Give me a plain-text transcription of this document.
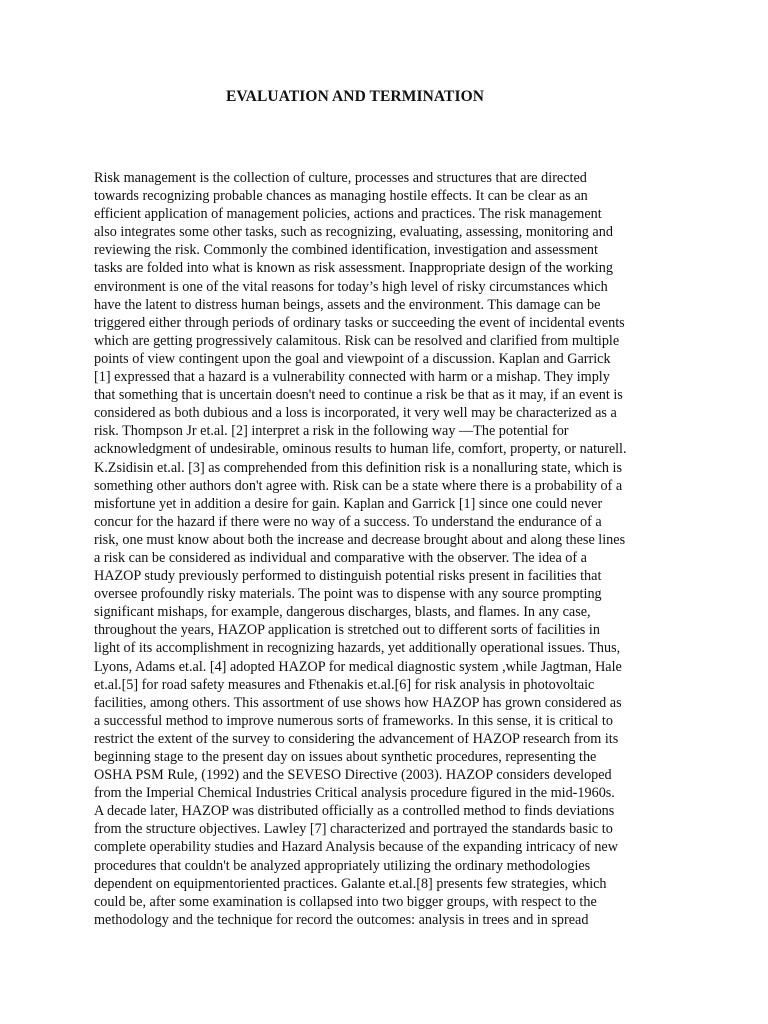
EVALUATION AND TERMINATION

Risk management is the collection of culture, processes and structures that are directed
towards recognizing probable chances as managing hostile effects. It can be clear as an
efficient application of management policies, actions and practices. The risk management
also integrates some other tasks, such as recognizing, evaluating, assessing, monitoring and
reviewing the risk. Commonly the combined identification, investigation and assessment
tasks are folded into what is known as risk assessment. Inappropriate design of the working
environment is one of the vital reasons for today’s high level of risky circumstances which
have the latent to distress human beings, assets and the environment. This damage can be
triggered either through periods of ordinary tasks or succeeding the event of incidental events
which are getting progressively calamitous. Risk can be resolved and clarified from multiple
points of view contingent upon the goal and viewpoint of a discussion. Kaplan and Garrick
[1] expressed that a hazard is a vulnerability connected with harm or a mishap. They imply
that something that is uncertain doesn't need to continue a risk be that as it may, if an event is
considered as both dubious and a loss is incorporated, it very well may be characterized as a
risk. Thompson Jr et.al. [2] interpret a risk in the following way ―The potential for
acknowledgment of undesirable, ominous results to human life, comfort, property, or naturell.
K.Zsidisin et.al. [3] as comprehended from this definition risk is a nonalluring state, which is
something other authors don't agree with. Risk can be a state where there is a probability of a
misfortune yet in addition a desire for gain. Kaplan and Garrick [1] since one could never
concur for the hazard if there were no way of a success. To understand the endurance of a
risk, one must know about both the increase and decrease brought about and along these lines
a risk can be considered as individual and comparative with the observer. The idea of a
HAZOP study previously performed to distinguish potential risks present in facilities that
oversee profoundly risky materials. The point was to dispense with any source prompting
significant mishaps, for example, dangerous discharges, blasts, and flames. In any case,
throughout the years, HAZOP application is stretched out to different sorts of facilities in
light of its accomplishment in recognizing hazards, yet additionally operational issues. Thus,
Lyons, Adams et.al. [4] adopted HAZOP for medical diagnostic system ,while Jagtman, Hale
et.al.[5] for road safety measures and Fthenakis et.al.[6] for risk analysis in photovoltaic
facilities, among others. This assortment of use shows how HAZOP has grown considered as
a successful method to improve numerous sorts of frameworks. In this sense, it is critical to
restrict the extent of the survey to considering the advancement of HAZOP research from its
beginning stage to the present day on issues about synthetic procedures, representing the
OSHA PSM Rule, (1992) and the SEVESO Directive (2003). HAZOP considers developed
from the Imperial Chemical Industries Critical analysis procedure figured in the mid-1960s.
A decade later, HAZOP was distributed officially as a controlled method to finds deviations
from the structure objectives. Lawley [7] characterized and portrayed the standards basic to
complete operability studies and Hazard Analysis because of the expanding intricacy of new
procedures that couldn't be analyzed appropriately utilizing the ordinary methodologies
dependent on equipmentoriented practices. Galante et.al.[8] presents few strategies, which
could be, after some examination is collapsed into two bigger groups, with respect to the
methodology and the technique for record the outcomes: analysis in trees and in spread
